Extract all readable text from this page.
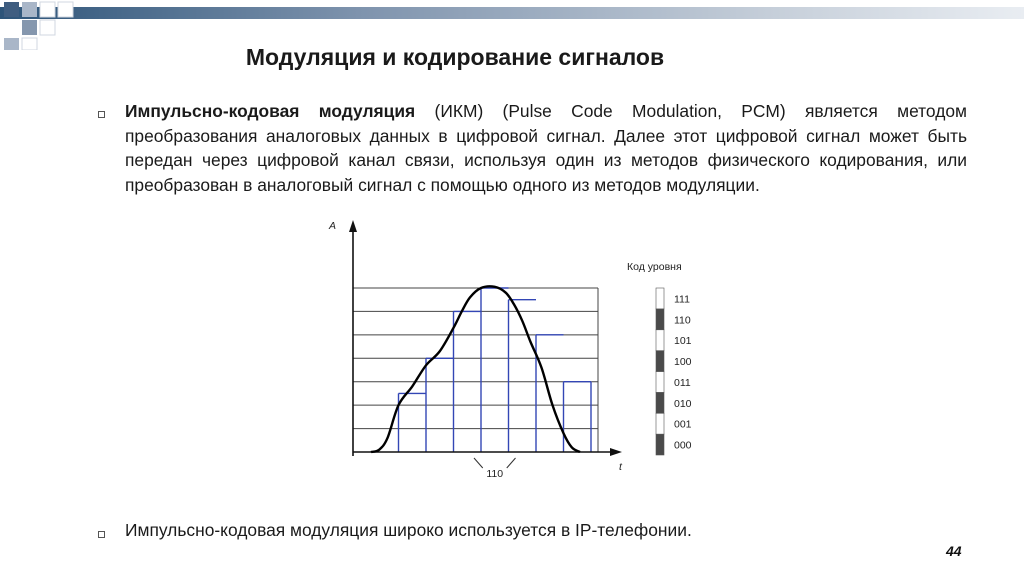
Модуляция и кодирование сигналов
Импульсно-кодовая модуляция (ИКМ) (Pulse Code Modulation, PCM) является методом преобразования аналоговых данных в цифровой сигнал. Далее этот цифровой сигнал может быть передан через цифровой канал связи, используя один из методов физического кодирования, или преобразован в аналоговый сигнал с помощью одного из методов модуляции.
A
t
110
Код уровня
000
001
010
011
100
101
110
111
Импульсно-кодовая модуляция широко используется в IP-телефонии.
44
